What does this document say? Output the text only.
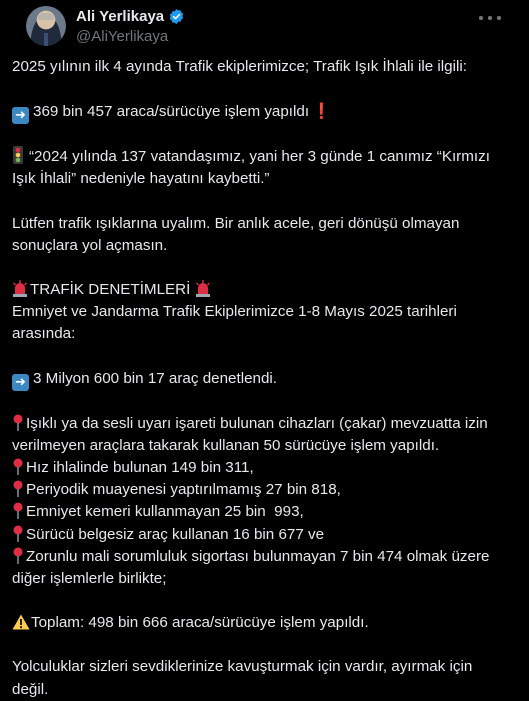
Ali Yerlikaya
@AliYerlikaya

2025 yılının ilk 4 ayında Trafik ekiplerimizce; Trafik Işık İhlali ile ilgili:

➜ 369 bin 457 araca/sürücüye işlem yapıldı ❗

“2024 yılında 137 vatandaşımız, yani her 3 günde 1 canımız “Kırmızı

Işık İhlali” nedeniyle hayatını kaybetti.”

Lütfen trafik ışıklarına uyalım. Bir anlık acele, geri dönüşü olmayan

sonuçlara yol açmasın.

TRAFİK DENETİMLERİ

Emniyet ve Jandarma Trafik Ekiplerimizce 1-8 Mayıs 2025 tarihleri

arasında:

➜ 3 Milyon 600 bin 17 araç denetlendi.

Işıklı ya da sesli uyarı işareti bulunan cihazları (çakar) mevzuatta izin

verilmeyen araçlara takarak kullanan 50 sürücüye işlem yapıldı.

Hız ihlalinde bulunan 149 bin 311,

Periyodik muayenesi yaptırılmamış 27 bin 818,

Emniyet kemeri kullanmayan 25 bin  993,

Sürücü belgesiz araç kullanan 16 bin 677 ve

Zorunlu mali sorumluluk sigortası bulunmayan 7 bin 474 olmak üzere

diğer işlemlerle birlikte;

Toplam: 498 bin 666 araca/sürücüye işlem yapıldı.

Yolculuklar sizleri sevdiklerinize kavuşturmak için vardır, ayırmak için

değil.
